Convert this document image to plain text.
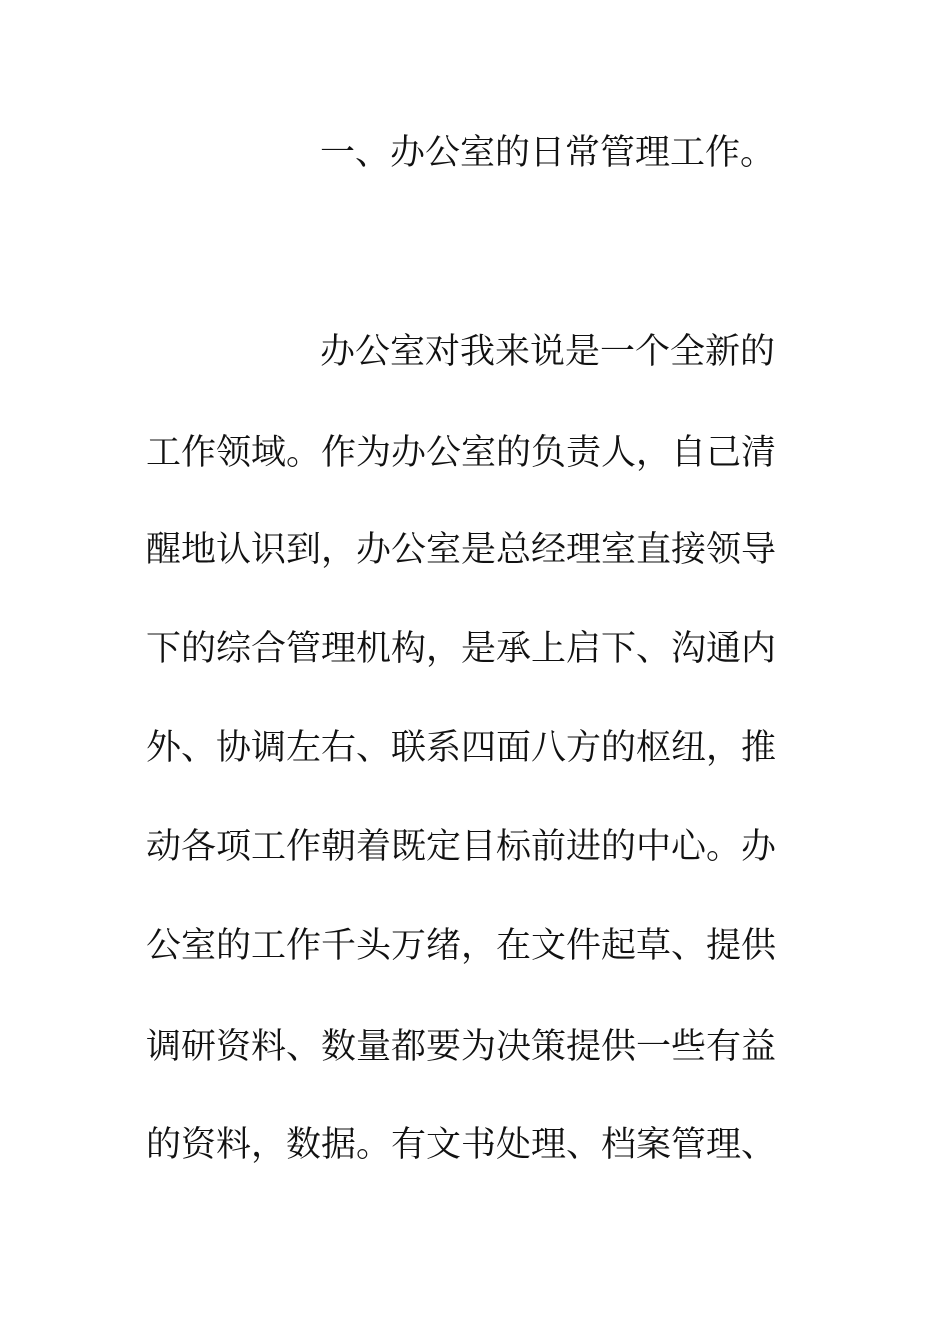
一、办公室的日常管理工作。
办公室对我来说是一个全新的
工作领域。作为办公室的负责人，自己清
醒地认识到，办公室是总经理室直接领导
下的综合管理机构，是承上启下、沟通内
外、协调左右、联系四面八方的枢纽，推
动各项工作朝着既定目标前进的中心。办
公室的工作千头万绪，在文件起草、提供
调研资料、数量都要为决策提供一些有益
的资料，数据。有文书处理、档案管理、
